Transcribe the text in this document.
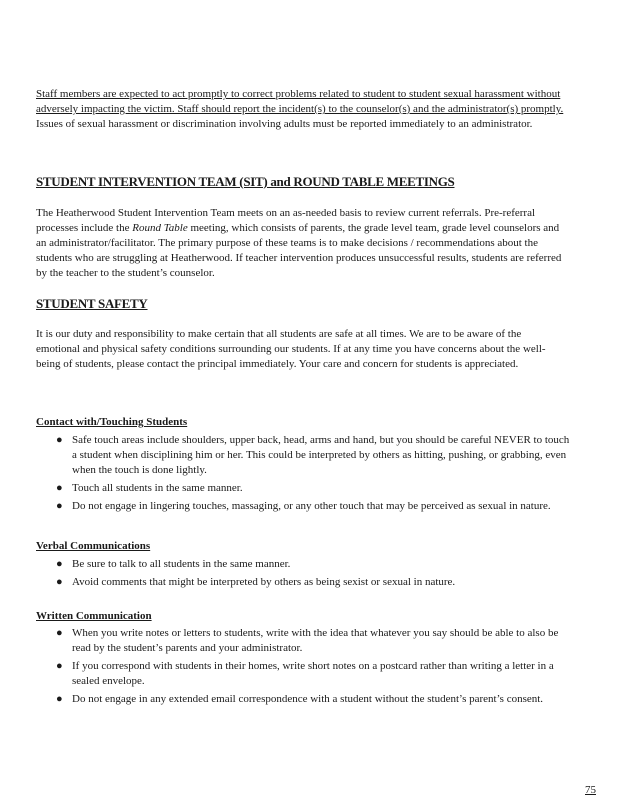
Staff members are expected to act promptly to correct problems related to student to student sexual harassment without adversely impacting the victim. Staff should report the incident(s) to the counselor(s) and the administrator(s) promptly. Issues of sexual harassment or discrimination involving adults must be reported immediately to an administrator.

STUDENT INTERVENTION TEAM (SIT) and ROUND TABLE MEETINGS

The Heatherwood Student Intervention Team meets on an as-needed basis to review current referrals. Pre-referral processes include the Round Table meeting, which consists of parents, the grade level team, grade level counselors and an administrator/facilitator. The primary purpose of these teams is to make decisions / recommendations about the students who are struggling at Heatherwood. If teacher intervention produces unsuccessful results, students are referred by the teacher to the student’s counselor.

STUDENT SAFETY

It is our duty and responsibility to make certain that all students are safe at all times. We are to be aware of the emotional and physical safety conditions surrounding our students. If at any time you have concerns about the well-being of students, please contact the principal immediately. Your care and concern for students is appreciated.

Contact with/Touching Students
● Safe touch areas include shoulders, upper back, head, arms and hand, but you should be careful NEVER to touch a student when disciplining him or her. This could be interpreted by others as hitting, pushing, or grabbing, even when the touch is done lightly.
● Touch all students in the same manner.
● Do not engage in lingering touches, massaging, or any other touch that may be perceived as sexual in nature.
Verbal Communications
● Be sure to talk to all students in the same manner.
● Avoid comments that might be interpreted by others as being sexist or sexual in nature.
Written Communication
● When you write notes or letters to students, write with the idea that whatever you say should be able to also be read by the student’s parents and your administrator.
● If you correspond with students in their homes, write short notes on a postcard rather than writing a letter in a sealed envelope.
● Do not engage in any extended email correspondence with a student without the student’s parent’s consent.
75
